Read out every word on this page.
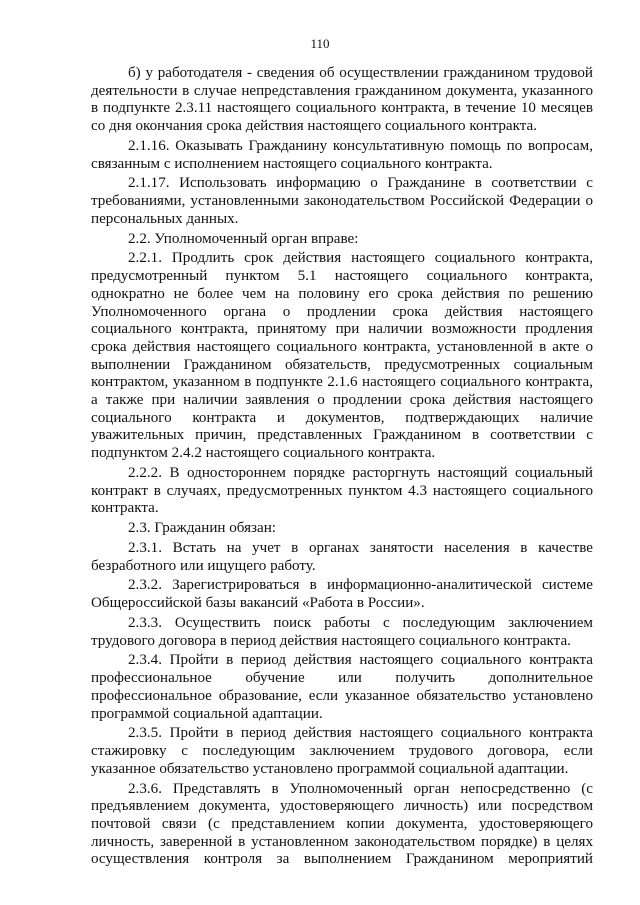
110

б) у работодателя - сведения об осуществлении гражданином трудовой деятельности в случае непредставления гражданином документа, указанного в подпункте 2.3.11 настоящего социального контракта, в течение 10 месяцев со дня окончания срока действия настоящего социального контракта.

2.1.16. Оказывать Гражданину консультативную помощь по вопросам, связанным с исполнением настоящего социального контракта.

2.1.17. Использовать информацию о Гражданине в соответствии с требованиями, установленными законодательством Российской Федерации о персональных данных.

2.2. Уполномоченный орган вправе:

2.2.1. Продлить срок действия настоящего социального контракта, предусмотренный пунктом 5.1 настоящего социального контракта, однократно не более чем на половину его срока действия по решению Уполномоченного органа о продлении срока действия настоящего социального контракта, принятому при наличии возможности продления срока действия настоящего социального контракта, установленной в акте о выполнении Гражданином обязательств, предусмотренных социальным контрактом, указанном в подпункте 2.1.6 настоящего социального контракта, а также при наличии заявления о продлении срока действия настоящего социального контракта и документов, подтверждающих наличие уважительных причин, представленных Гражданином в соответствии с подпунктом 2.4.2 настоящего социального контракта.

2.2.2. В одностороннем порядке расторгнуть настоящий социальный контракт в случаях, предусмотренных пунктом 4.3 настоящего социального контракта.

2.3. Гражданин обязан:

2.3.1. Встать на учет в органах занятости населения в качестве безработного или ищущего работу.

2.3.2. Зарегистрироваться в информационно-аналитической системе Общероссийской базы вакансий «Работа в России».

2.3.3. Осуществить поиск работы с последующим заключением трудового договора в период действия настоящего социального контракта.

2.3.4. Пройти в период действия настоящего социального контракта профессиональное обучение или получить дополнительное профессиональное образование, если указанное обязательство установлено программой социальной адаптации.

2.3.5. Пройти в период действия настоящего социального контракта стажировку с последующим заключением трудового договора, если указанное обязательство установлено программой социальной адаптации.

2.3.6. Представлять в Уполномоченный орган непосредственно (с предъявлением документа, удостоверяющего личность) или посредством почтовой связи (с представлением копии документа, удостоверяющего личность, заверенной в установленном законодательством порядке) в целях осуществления контроля за выполнением Гражданином мероприятий
